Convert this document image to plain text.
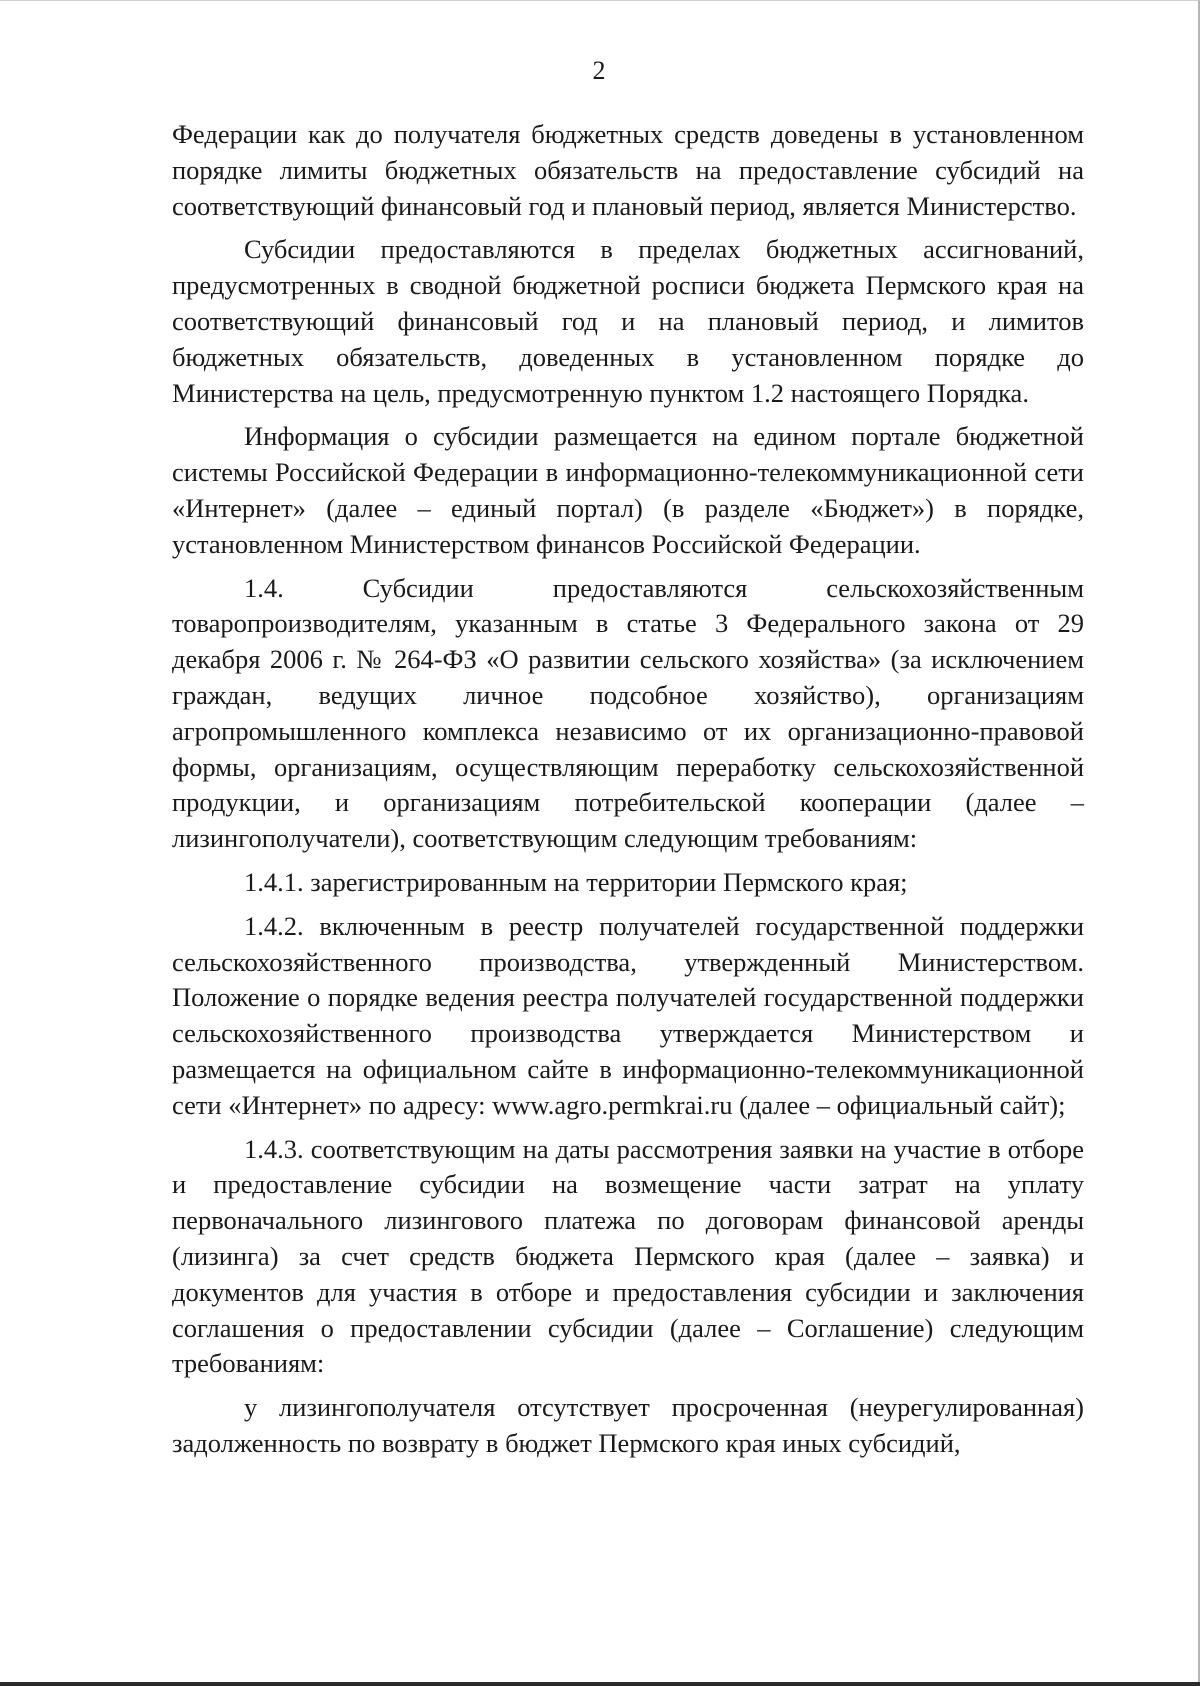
2

Федерации как до получателя бюджетных средств доведены в установленном порядке лимиты бюджетных обязательств на предоставление субсидий на соответствующий финансовый год и плановый период, является Министерство.

Субсидии предоставляются в пределах бюджетных ассигнований, предусмотренных в сводной бюджетной росписи бюджета Пермского края на соответствующий финансовый год и на плановый период, и лимитов бюджетных обязательств, доведенных в установленном порядке до Министерства на цель, предусмотренную пунктом 1.2 настоящего Порядка.

Информация о субсидии размещается на едином портале бюджетной системы Российской Федерации в информационно-телекоммуникационной сети «Интернет» (далее – единый портал) (в разделе «Бюджет») в порядке, установленном Министерством финансов Российской Федерации.

1.4. Субсидии предоставляются сельскохозяйственным товаропроизводителям, указанным в статье 3 Федерального закона от 29 декабря 2006 г. № 264-ФЗ «О развитии сельского хозяйства» (за исключением граждан, ведущих личное подсобное хозяйство), организациям агропромышленного комплекса независимо от их организационно-правовой формы, организациям, осуществляющим переработку сельскохозяйственной продукции, и организациям потребительской кооперации (далее – лизингополучатели), соответствующим следующим требованиям:

1.4.1. зарегистрированным на территории Пермского края;

1.4.2. включенным в реестр получателей государственной поддержки сельскохозяйственного производства, утвержденный Министерством. Положение о порядке ведения реестра получателей государственной поддержки сельскохозяйственного производства утверждается Министерством и размещается на официальном сайте в информационно-телекоммуникационной сети «Интернет» по адресу: www.agro.permkrai.ru (далее – официальный сайт);

1.4.3. соответствующим на даты рассмотрения заявки на участие в отборе и предоставление субсидии на возмещение части затрат на уплату первоначального лизингового платежа по договорам финансовой аренды (лизинга) за счет средств бюджета Пермского края (далее – заявка) и документов для участия в отборе и предоставления субсидии и заключения соглашения о предоставлении субсидии (далее – Соглашение) следующим требованиям:

у лизингополучателя отсутствует просроченная (неурегулированная) задолженность по возврату в бюджет Пермского края иных субсидий,
